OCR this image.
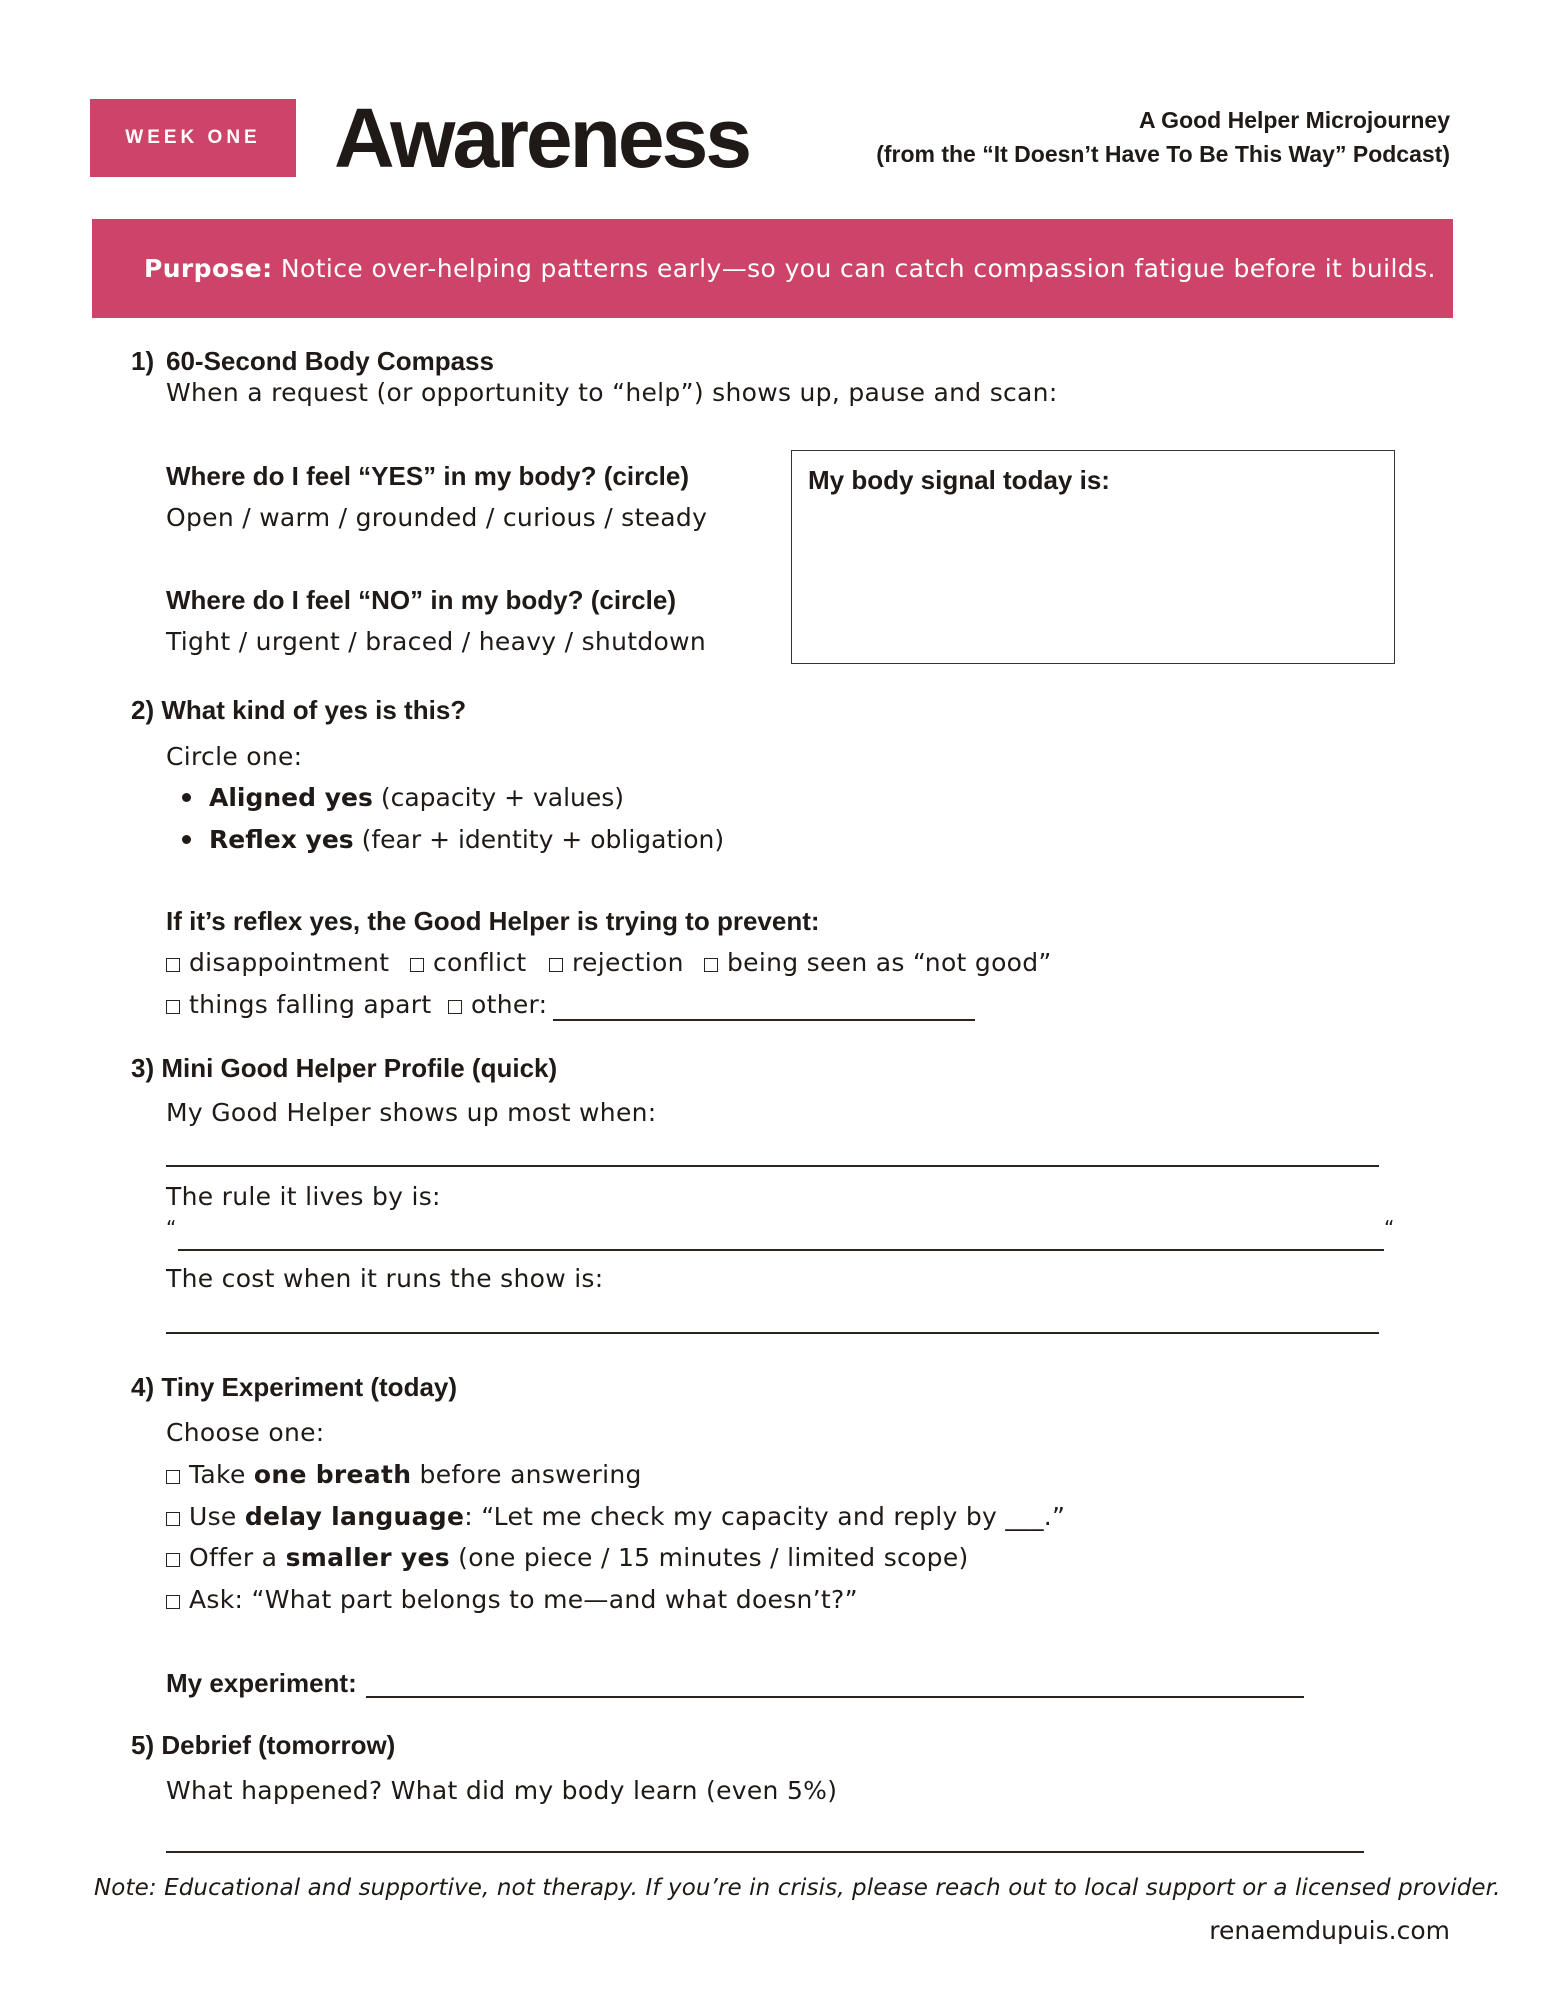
WEEK ONE Awareness	A Good Helper Microjourney
(from the “It Doesn’t Have To Be This Way” Podcast)
Purpose:
Notice over-helping patterns early—so you can catch compassion fatigue before it builds.
1) 60-Second Body Compass
When a request (or opportunity to “help”) shows up, pause and scan:
Where do I feel “YES” in my body? (circle)
Open / warm / grounded / curious / steady
Where do I feel “NO” in my body? (circle)
Tight / urgent / braced / heavy / shutdown
My body signal today is:
2) What kind of yes is this?
Circle one:
Aligned yes (capacity + values)
Reflex yes (fear + identity + obligation)
If it’s reflex yes, the Good Helper is trying to prevent:
disappointment	conflict	rejection	being seen as “not good”
things falling apart	other:
3) Mini Good Helper Profile (quick)
My Good Helper shows up most when:
The rule it lives by is:
“	“
The cost when it runs the show is:
4) Tiny Experiment (today)
Choose one:
Take one breath before answering
Use delay language: “Let me check my capacity and reply by ___.”
Offer a smaller yes (one piece / 15 minutes / limited scope)
Ask: “What part belongs to me—and what doesn’t?”
My experiment:
5) Debrief (tomorrow)
What happened? What did my body learn (even 5%)
Note: Educational and supportive, not therapy. If you’re in crisis, please reach out to local support or a licensed provider.
renaemdupuis.com
